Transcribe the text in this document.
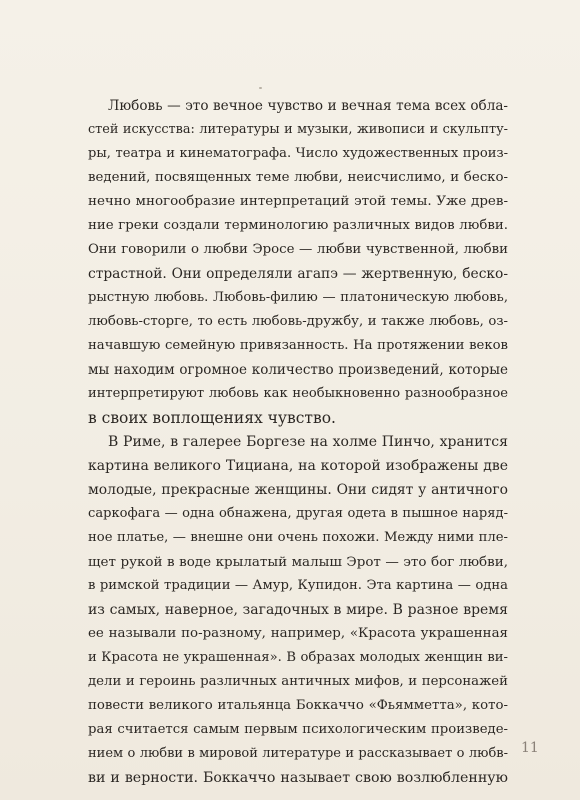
Любовь — это вечное чувство и вечная тема всех обла-
стей искусства: литературы и музыки, живописи и скульпту-
ры, театра и кинематографа. Число художественных произ-
ведений, посвященных теме любви, неисчислимо, и беско-
нечно многообразие интерпретаций этой темы. Уже древ-
ние греки создали терминологию различных видов любви.
Они говорили о любви Эросе — любви чувственной, любви
страстной. Они определяли агапэ — жертвенную, беско-
рыстную любовь. Любовь-филию — платоническую любовь,
любовь-сторге, то есть любовь-дружбу, и также любовь, оз-
начавшую семейную привязанность. На протяжении веков
мы находим огромное количество произведений, которые
интерпретируют любовь как необыкновенно разнообразное
в своих воплощениях чувство.
В Риме, в галерее Боргезе на холме Пинчо, хранится
картина великого Тициана, на которой изображены две
молодые, прекрасные женщины. Они сидят у античного
саркофага — одна обнажена, другая одета в пышное наряд-
ное платье, — внешне они очень похожи. Между ними пле-
щет рукой в воде крылатый малыш Эрот — это бог любви,
в римской традиции — Амур, Купидон. Эта картина — одна
из самых, наверное, загадочных в мире. В разное время
ее называли по-разному, например, «Красота украшенная
и Красота не украшенная». В образах молодых женщин ви-
дели и героинь различных античных мифов, и персонажей
повести великого итальянца Боккаччо «Фьямметта», кото-
рая считается самым первым психологическим произведе-
нием о любви в мировой литературе и рассказывает о любв-
ви и верности. Боккаччо называет свою возлюбленную
11
